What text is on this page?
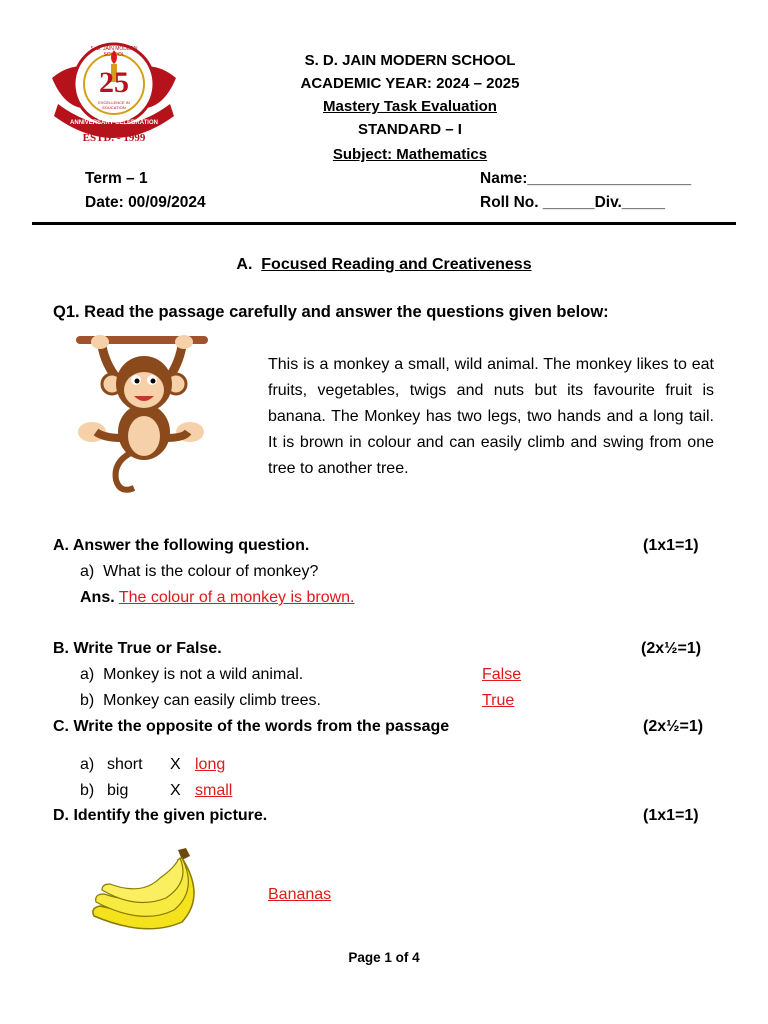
25
S. D. JAIN MODERN SCHOOL
EXCELLENCE IN EDUCATION
ANNIVERSARY CELEBRATION
ESTD. - 1999
S. D. JAIN MODERN SCHOOL
ACADEMIC YEAR: 2024 – 2025
Mastery Task Evaluation
STANDARD – I
Subject: Mathematics
Term – 1
Date: 00/09/2024
Name:___________________
Roll No. ______Div._____
A. Focused Reading and Creativeness
Q1. Read the passage carefully and answer the questions given below:
This is a monkey a small, wild animal. The monkey likes to eat fruits, vegetables, twigs and nuts but its favourite fruit is banana. The Monkey has two legs, two hands and a long tail. It is brown in colour and can easily climb and swing from one tree to another tree.
A. Answer the following question.	(1x1=1)
a) What is the colour of monkey?
Ans. The colour of a monkey is brown.
B. Write True or False.	(2x½=1)
a) Monkey is not a wild animal.	False
b) Monkey can easily climb trees.	True
C. Write the opposite of the words from the passage	(2x½=1)
a) short X long
b) big	X small
D. Identify the given picture.	(1x1=1)
Bananas
Page 1 of 4
